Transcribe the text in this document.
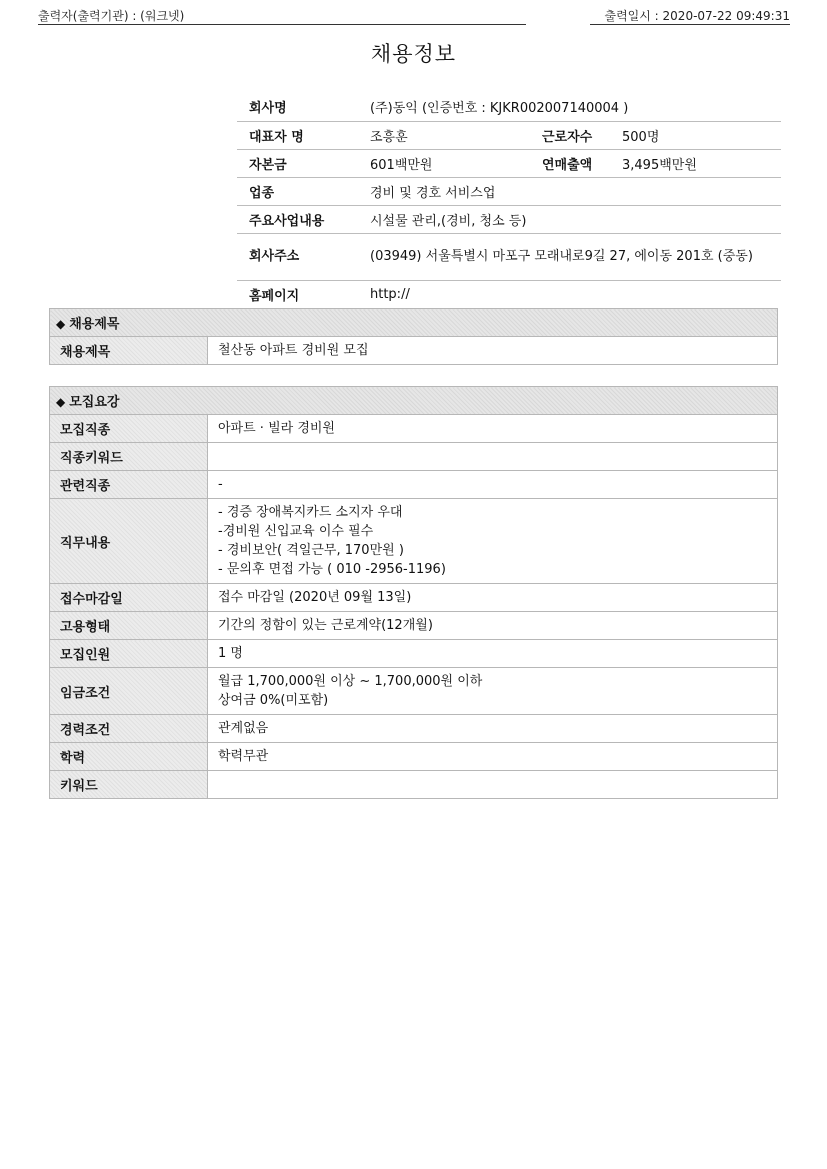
출력자(출력기관) : (워크넷)	출력일시 : 2020-07-22 09:49:31
채용정보
회사명	(주)동익 (인증번호 : KJKR002007140004 )		
대표자 명	조흥훈	근로자수	500명
자본금	601백만원	연매출액	3,495백만원
업종	경비 및 경호 서비스업		
주요사업내용	시설물 관리,(경비, 청소 등)		
회사주소	(03949) 서울특별시 마포구 모래내로9길 27, 에이동 201호 (중동)		
홈페이지	http://		
◆ 채용제목
채용제목	철산동 아파트 경비원 모집
◆ 모집요강	
모집직종	아파트 · 빌라 경비원

직종키워드	

관련직종	-

직무내용	- 경증 장애복지카드 소지자 우대
-경비원 신입교육 이수 필수
- 경비보안( 격일근무, 170만원 )
- 문의후 면접 가능 ( 010 -2956-1196)

접수마감일	접수 마감일 (2020년 09월 13일)

고용형태	기간의 정함이 있는 근로계약(12개월)

모집인원	1 명

임금조건	월급 1,700,000원 이상 ~ 1,700,000원 이하
상여금 0%(미포함)

경력조건	관계없음

학력	학력무관

키워드	
